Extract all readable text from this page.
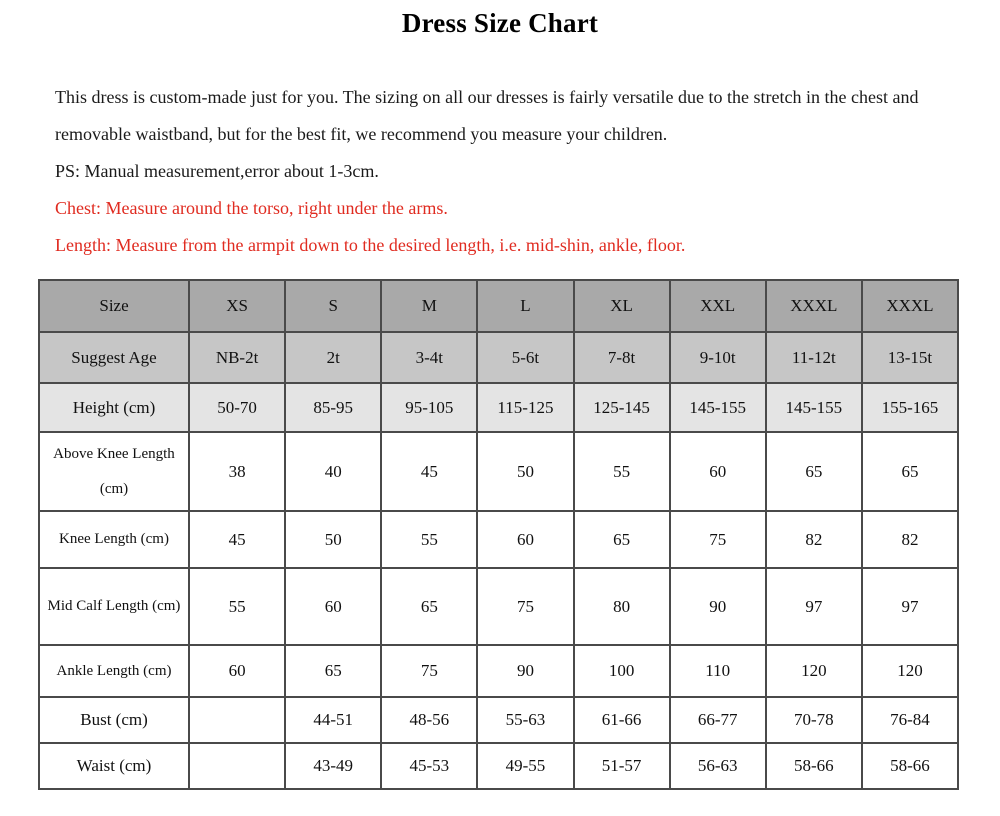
Dress Size Chart

This dress is custom-made just for you. The sizing on all our dresses is fairly versatile due to the stretch in the chest and removable waistband, but for the best fit, we recommend you measure your children.

PS: Manual measurement,error about 1-3cm.

Chest: Measure around the torso, right under the arms.

Length: Measure from the armpit down to the desired length, i.e. mid-shin, ankle, floor.

Size	XS	S	M	L	XL	XXL	XXXL	XXXL
Suggest Age	NB-2t	2t	3-4t	5-6t	7-8t	9-10t	11-12t	13-15t
Height (cm)	50-70	85-95	95-105	115-125	125-145	145-155	145-155	155-165
Above Knee Length (cm)	38	40	45	50	55	60	65	65
Knee Length (cm)	45	50	55	60	65	75	82	82
Mid Calf Length (cm)	55	60	65	75	80	90	97	97
Ankle Length (cm)	60	65	75	90	100	110	120	120
Bust (cm)		44-51	48-56	55-63	61-66	66-77	70-78	76-84
Waist (cm)		43-49	45-53	49-55	51-57	56-63	58-66	58-66
